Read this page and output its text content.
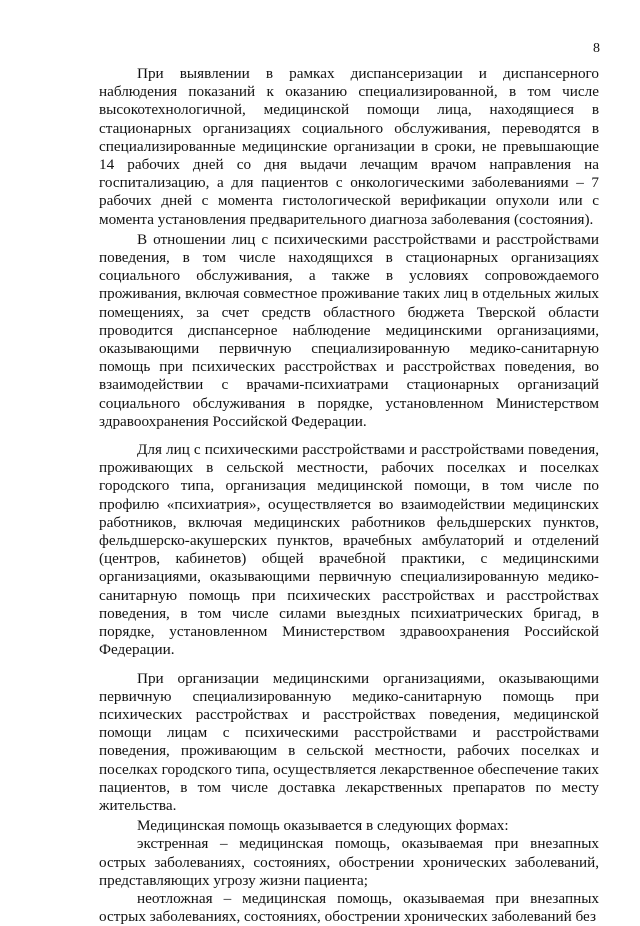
8

При выявлении в рамках диспансеризации и диспансерного наблюдения показаний к оказанию специализированной, в том числе высокотехнологичной, медицинской помощи лица, находящиеся в стационарных организациях социального обслуживания, переводятся в специализированные медицинские организации в сроки, не превышающие 14 рабочих дней со дня выдачи лечащим врачом направления на госпитализацию, а для пациентов с онкологическими заболеваниями – 7 рабочих дней с момента гистологической верификации опухоли или с момента установления предварительного диагноза заболевания (состояния).

В отношении лиц с психическими расстройствами и расстройствами поведения, в том числе находящихся в стационарных организациях социального обслуживания, а также в условиях сопровождаемого проживания, включая совместное проживание таких лиц в отдельных жилых помещениях, за счет средств областного бюджета Тверской области проводится диспансерное наблюдение медицинскими организациями, оказывающими первичную специализированную медико-санитарную помощь при психических расстройствах и расстройствах поведения, во взаимодействии с врачами-психиатрами стационарных организаций социального обслуживания в порядке, установленном Министерством здравоохранения Российской Федерации.

Для лиц с психическими расстройствами и расстройствами поведения, проживающих в сельской местности, рабочих поселках и поселках городского типа, организация медицинской помощи, в том числе по профилю «психиатрия», осуществляется во взаимодействии медицинских работников, включая медицинских работников фельдшерских пунктов, фельдшерско-акушерских пунктов, врачебных амбулаторий и отделений (центров, кабинетов) общей врачебной практики, с медицинскими организациями, оказывающими первичную специализированную медико-санитарную помощь при психических расстройствах и расстройствах поведения, в том числе силами выездных психиатрических бригад, в порядке, установленном Министерством здравоохранения Российской Федерации.

При организации медицинскими организациями, оказывающими первичную специализированную медико-санитарную помощь при психических расстройствах и расстройствах поведения, медицинской помощи лицам с психическими расстройствами и расстройствами поведения, проживающим в сельской местности, рабочих поселках и поселках городского типа, осуществляется лекарственное обеспечение таких пациентов, в том числе доставка лекарственных препаратов по месту жительства.

Медицинская помощь оказывается в следующих формах:

экстренная – медицинская помощь, оказываемая при внезапных острых заболеваниях, состояниях, обострении хронических заболеваний, представляющих угрозу жизни пациента;

неотложная – медицинская помощь, оказываемая при внезапных острых заболеваниях, состояниях, обострении хронических заболеваний без
